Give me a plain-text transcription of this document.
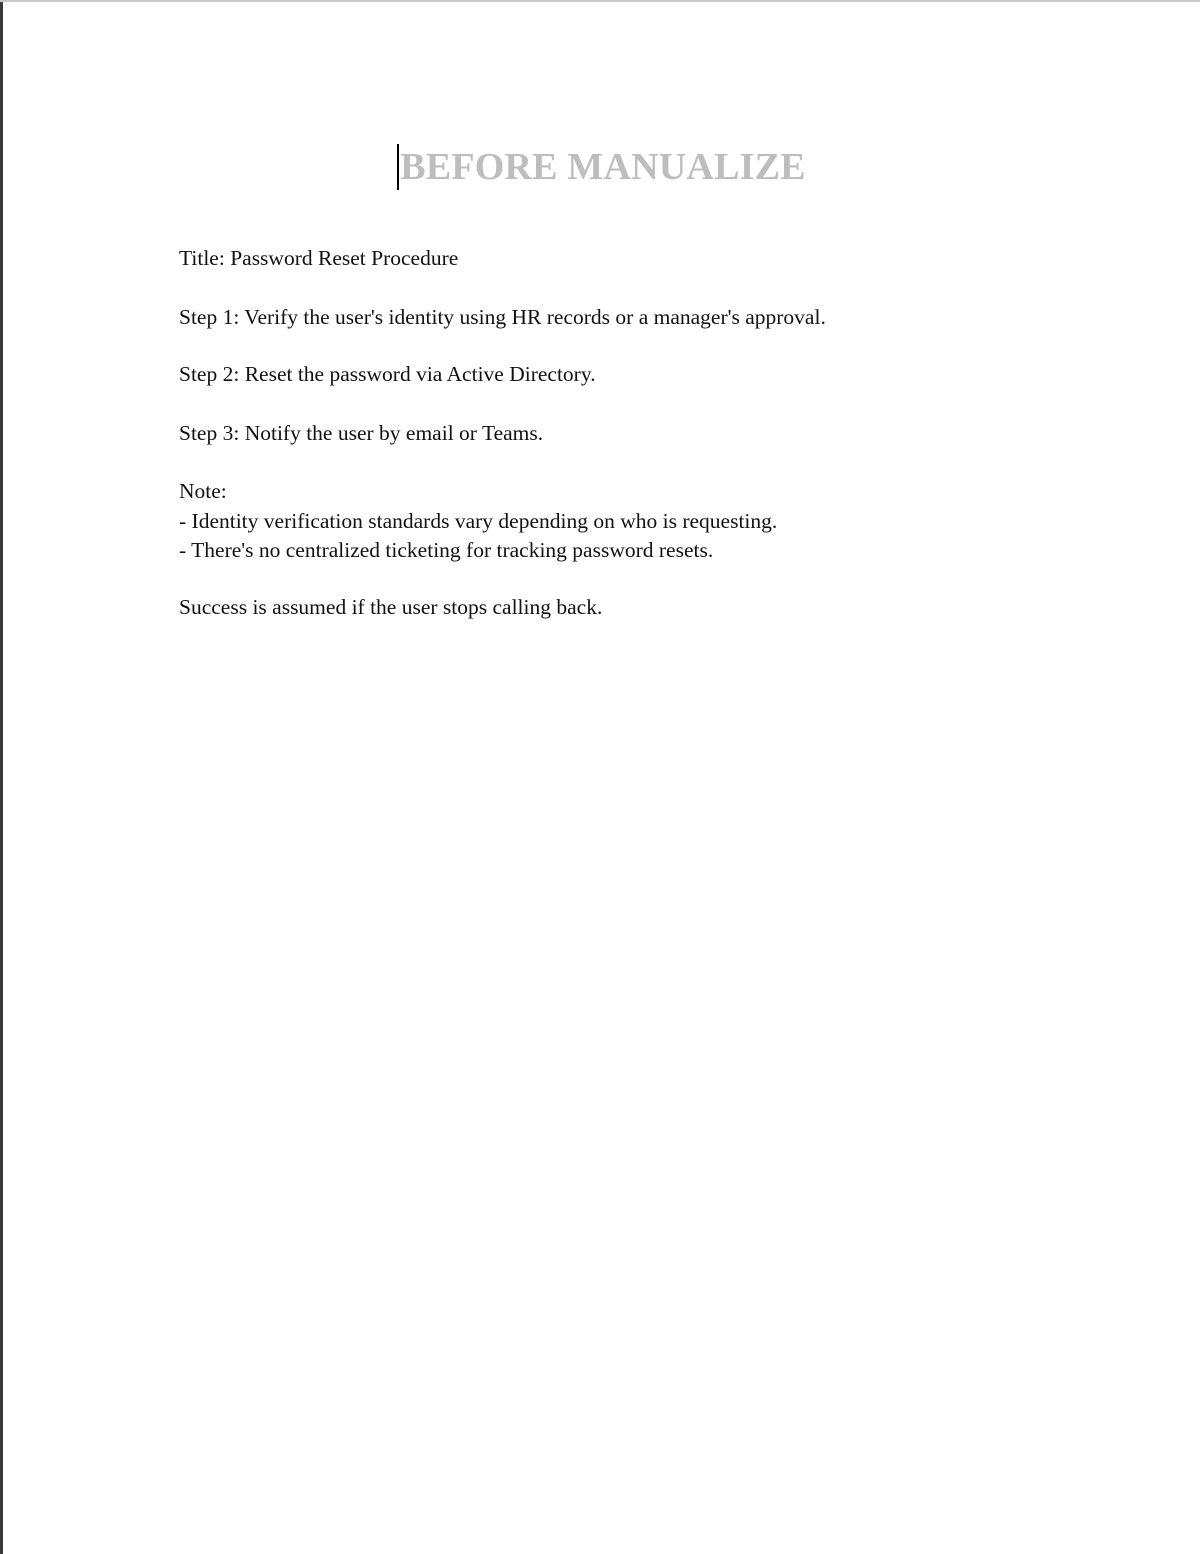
BEFORE MANUALIZE
Title: Password Reset Procedure
Step 1: Verify the user's identity using HR records or a manager's approval.
Step 2: Reset the password via Active Directory.
Step 3: Notify the user by email or Teams.
Note:
- Identity verification standards vary depending on who is requesting.
- There's no centralized ticketing for tracking password resets.
Success is assumed if the user stops calling back.
